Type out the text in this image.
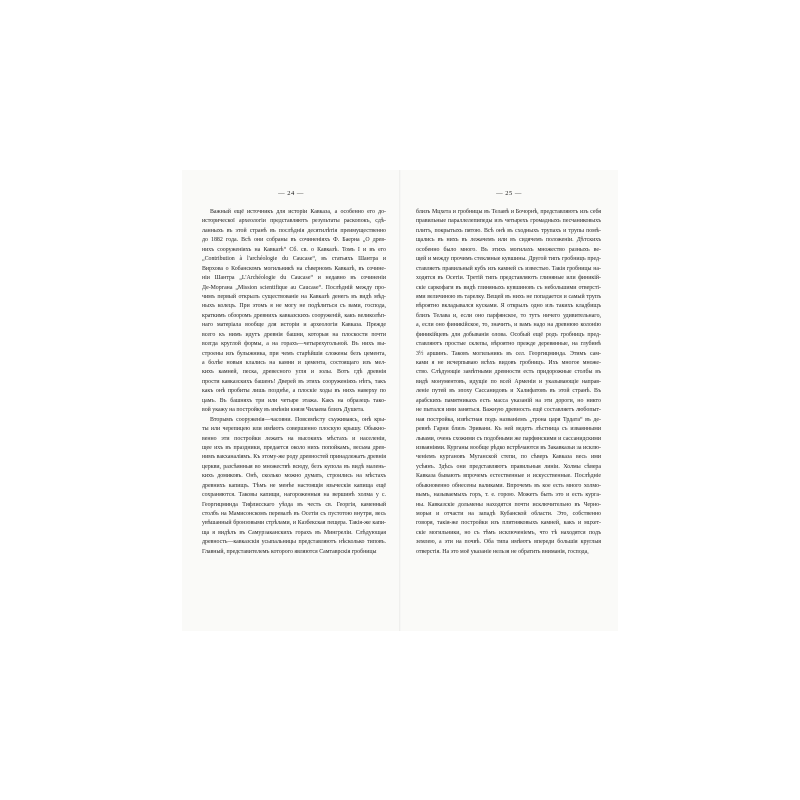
— 24 —
Важный ещё источникъ для исторіи Кавказа, а особенно его до-
историческої археологіи представляютъ результаты раскопокъ, сдѣ-
ланныхъ въ этой странѣ въ послѣднія десятилѣтія преимущественно
до 1882 года. Всѣ они собраны въ сочиненіяхъ Ф. Баерна „О древ-
нихъ сооруженіяхъ на Кавказѣ“ Сб. св. о Кавказѣ. Томъ I и въ его
„Contribution à l'archéologie du Caucase“, въ статьяхъ Шантра и
Вирхова о Кобанскомъ могильникѣ на сѣверномъ Кавказѣ, въ сочине-
ніи Шантра „L'Archéologie du Caucase“ и недавно въ сочиненіи
Де-Моргана „Mission scientifique au Caucase“. Послѣдній между про-
чимъ первый открылъ существованіе на Кавказѣ денегъ въ видѣ мѣд-
ныхъ колецъ. При этомъ я не могу не подѣлиться съ вами, господа,
краткимъ обзоромъ древнихъ кавказскихъ сооруженій, какъ великолѣп-
наго матеріала вообще для исторіи и археологіи Кавказа. Прежде
всего къ нимъ идутъ древнія башни, которыя на плоскости почти
всегда круглой формы, а на горахъ—четырехугольной. Въ нихъ вы-
строены изъ булыжника, при чемъ старѣйшія сложены безъ цемента,
а болѣе новыя клались на камни и цемента, состоящаго изъ мел-
кихъ камней, песка, древесного угля и золы. Вотъ гдѣ древнія
прости кавказскихъ башенъ! Дверей въ этихъ сооруженіяхъ нѣтъ, такъ
какъ онѣ пробиты лишь позднѣе, а плоскіе ходы въ нихъ наверху по
цамъ. Въ башняхъ три или четыре этажа. Какъ на образецъ тако-
вой укажу на постройку въ имѣніи князя Чилаева близъ Душета.
Вторымъ сооруженія—часовни. Повсемѣсту съуживаясь, онѣ кры-
ты или черепицею или имѣютъ совершенно плоскую крышу. Обыкно-
венно эти постройки лежатъ на высокихъ мѣстахъ и населеніи,
щее ихъ въ праздники, предается около нихъ попойкамъ, весьма древ-
нимъ вакханаліямъ. Къ этому-же роду древностей принадлежатъ древнія
церкви, разсѣянныя во множествѣ всюду, безъ купола въ видѣ малень-
кихъ домиковъ. Онѣ, сколько можно думать, строились на мѣстахъ
древнихъ капищъ. Тѣмъ не менѣе настоящія языческія капища ещё
сохраняются. Таковы капищи, нагороженныя на вершинѣ холма у с.
Георгицминда Тифлисскаго уѣзда въ честь св. Георгія, каменный
столбъ на Мамисонскомъ перевалѣ въ Осетіи съ пустотою внутри, весь
увѣшанный бронзовыми стрѣлами, и Казбекская пещера. Такія-же капи-
ща я видѣлъ въ Самурзаканскихъ горахъ въ Мингреліи. Слѣдующая
древность—кавказскія усыпальницы представляютъ нѣсколько типовъ.
Главный, представителемъ которого являются Самтаврскія гробницы
— 25 —
близъ Мцхета и гробницы въ Телавѣ и Бочорнѣ, представляютъ изъ себя
правильные параллелепипеды изъ четырехъ громадныхъ песчаниковыхъ
плитъ, покрытыхъ пятою. Всѣ онѣ въ сходныхъ трупахъ и трупы помѣ-
щались въ нихъ въ лежачемъ или въ сидячемъ положеніи. Дѣтскихъ
особенно было много. Въ этихъ могилахъ множество разныхъ ве-
щей и между прочимъ стекляные кувшины. Другой типъ гробницъ пред-
ставляетъ правильный кубъ изъ камней съ известью. Такія гробницы на-
ходятся въ Осетіи. Третій типъ представляютъ глиняные или финикій-
скіе саркофаги въ видѣ глиняныхъ кувшиновъ съ небольшими отверсті-
ями величиною въ тарелку. Вещей въ нихъ не попадается и самый трупъ
вѣроятно вкладывался кусками. Я открылъ одно изъ такихъ кладбищъ
близъ Телава и, если оно парфянское, то тутъ ничего удивительнаго,
а, если оно финикійское, то, значитъ, и вамъ надо на древнюю колонію
финикійцевъ для добыванія олова. Особый ещё родъ гробницъ пред-
ставляютъ простые склепы, вѣроятно прежде деревянные, на глубинѣ
3½ аршинъ. Таковъ могильникъ въ сел. Георгицминда. Этимъ сам-
ками я не исчерпываю всѣхъ видовъ гробницъ. Ихъ многое множе-
ство. Слѣдующіе замѣтными древности есть придорожные столбы въ
видѣ монументовъ, идущіе по всей Арменіи и указывающіе направ-
леніе путей въ эпоху Сассанидовъ и Халифатовъ въ этой странѣ. Въ
арабскихъ памятникахъ есть масса указаній на эти дороги, но никто
не пытался ими заняться. Важную древность ещё составляетъ любопыт-
ная постройка, извѣстная подъ названіемъ „трона царя Трдата“ въ де-
ревнѣ Гарни близъ Эривани. Къ ней ведетъ лѣстница съ изваянными
львами, очень схожими съ подобными же парфянскими и сассанидскими
изваяніями. Курганы вообще рѣдко встрѣчаются въ Закавказьи за исклю-
ченіемъ кургановъ Муганской степи, по сѣверъ Кавказа весь ими
усѣянъ. Здѣсь они представляютъ правильныя линіи. Холмы сѣвера
Кавказа бываютъ впрочемъ естественные и искусственные. Послѣдніе
обыкновенно обнесены валиками. Впрочемъ въ кое есть много холмо-
вымъ, называемыхъ горъ, т. е. горою. Можетъ быть это и есть курга-
ны. Кавказскіе дольмены находятся почти исключительно въ Черно-
морьи и отчасти на западѣ Кубанской области. Это, собственно
говоря, такія-же постройки изъ плитняковыхъ камней, какъ и мцхет-
скіе могильники, но съ тѣмъ исключеніемъ, что тѣ находятся подъ
землею, а эти на почвѣ. Оба типа имѣютъ впереди большія круглыя
отверстія. На это моё указаніе нельзя не обратить вниманія, господа,
